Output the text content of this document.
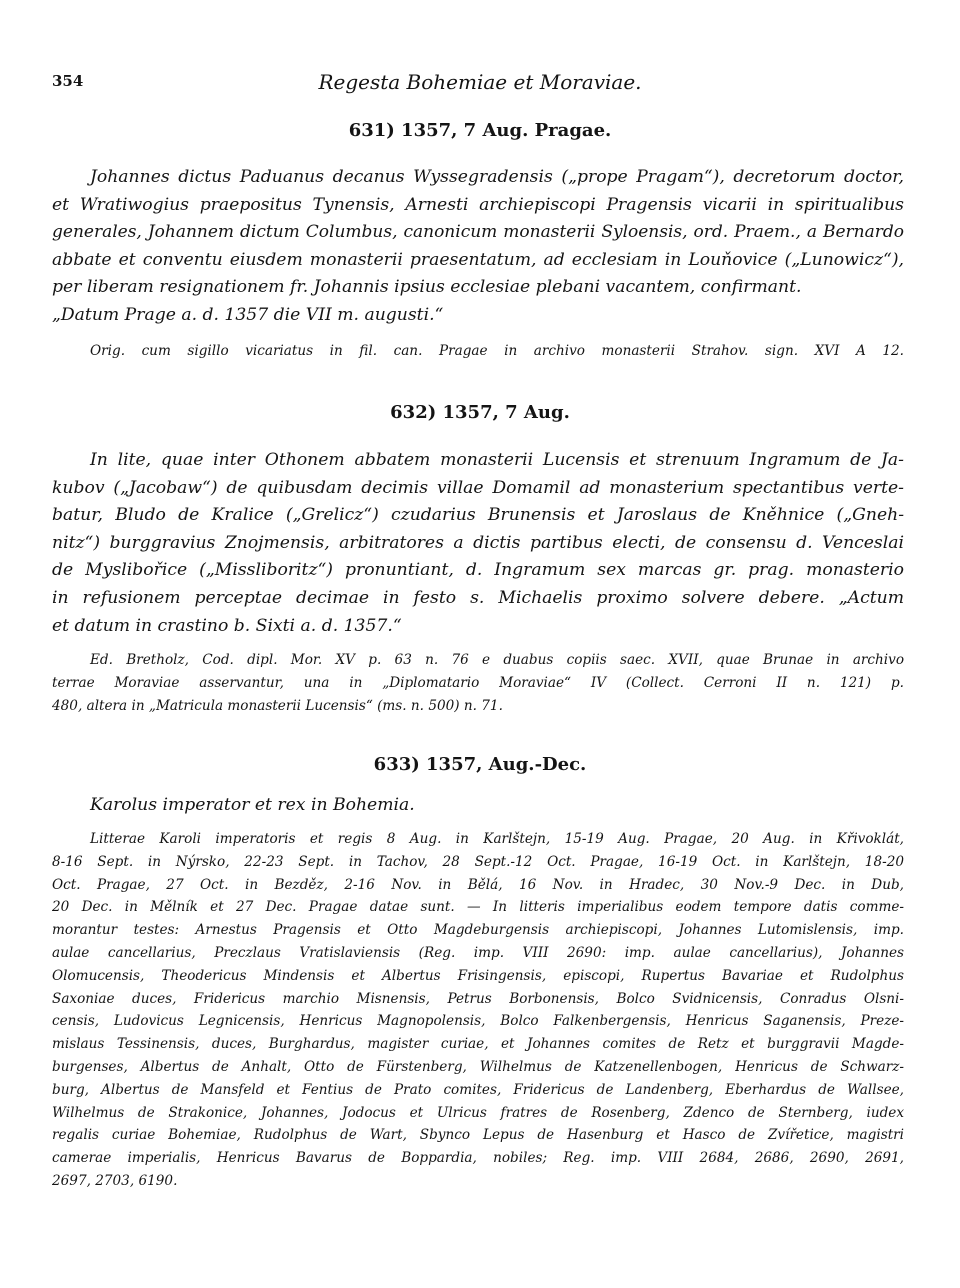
354	Regesta Bohemiae et Moraviae.
631) 1357, 7 Aug. Pragae.
Johannes dictus Paduanus decanus Wyssegradensis („prope Pragam“), decretorum doctor,
et Wratiwogius praepositus Tynensis, Arnesti archiepiscopi Pragensis vicarii in spiritualibus
generales, Johannem dictum Columbus, canonicum monasterii Syloensis, ord. Praem., a Bernardo
abbate et conventu eiusdem monasterii praesentatum, ad ecclesiam in Louňovice („Lunowicz“),
per liberam resignationem fr. Johannis ipsius ecclesiae plebani vacantem, confirmant.
„Datum Prage a. d. 1357 die VII m. augusti.“
Orig. cum sigillo vicariatus in fil. can. Pragae in archivo monasterii Strahov. sign. XVI A 12.
632) 1357, 7 Aug.
In lite, quae inter Othonem abbatem monasterii Lucensis et strenuum Ingramum de Ja-
kubov („Jacobaw“) de quibusdam decimis villae Domamil ad monasterium spectantibus verte-
batur, Bludo de Kralice („Grelicz“) czudarius Brunensis et Jaroslaus de Kněhnice („Gneh-
nitz“) burggravius Znojmensis, arbitratores a dictis partibus electi, de consensu d. Venceslai
de Myslibořice („Missliboritz“) pronuntiant, d. Ingramum sex marcas gr. prag. monasterio
in refusionem perceptae decimae in festo s. Michaelis proximo solvere debere. „Actum
et datum in crastino b. Sixti a. d. 1357.“
Ed. Bretholz, Cod. dipl. Mor. XV p. 63 n. 76 e duabus copiis saec. XVII, quae Brunae in archivo
terrae Moraviae asservantur, una in „Diplomatario Moraviae“ IV (Collect. Cerroni II n. 121) p.
480, altera in „Matricula monasterii Lucensis“ (ms. n. 500) n. 71.
633) 1357, Aug.-Dec.
Karolus imperator et rex in Bohemia.
Litterae Karoli imperatoris et regis 8 Aug. in Karlštejn, 15-19 Aug. Pragae, 20 Aug. in Křivoklát,
8-16 Sept. in Nýrsko, 22-23 Sept. in Tachov, 28 Sept.-12 Oct. Pragae, 16-19 Oct. in Karlštejn, 18-20
Oct. Pragae, 27 Oct. in Bezděz, 2-16 Nov. in Bělá, 16 Nov. in Hradec, 30 Nov.-9 Dec. in Dub,
20 Dec. in Mělník et 27 Dec. Pragae datae sunt. — In litteris imperialibus eodem tempore datis comme-
morantur testes: Arnestus Pragensis et Otto Magdeburgensis archiepiscopi, Johannes Lutomislensis, imp.
aulae cancellarius, Preczlaus Vratislaviensis (Reg. imp. VIII 2690: imp. aulae cancellarius), Johannes
Olomucensis, Theodericus Mindensis et Albertus Frisingensis, episcopi, Rupertus Bavariae et Rudolphus
Saxoniae duces, Fridericus marchio Misnensis, Petrus Borbonensis, Bolco Svidnicensis, Conradus Olsni-
censis, Ludovicus Legnicensis, Henricus Magnopolensis, Bolco Falkenbergensis, Henricus Saganensis, Preze-
mislaus Tessinensis, duces, Burghardus, magister curiae, et Johannes comites de Retz et burggravii Magde-
burgenses, Albertus de Anhalt, Otto de Fürstenberg, Wilhelmus de Katzenellenbogen, Henricus de Schwarz-
burg, Albertus de Mansfeld et Fentius de Prato comites, Fridericus de Landenberg, Eberhardus de Wallsee,
Wilhelmus de Strakonice, Johannes, Jodocus et Ulricus fratres de Rosenberg, Zdenco de Sternberg, iudex
regalis curiae Bohemiae, Rudolphus de Wart, Sbynco Lepus de Hasenburg et Hasco de Zvířetice, magistri
camerae imperialis, Henricus Bavarus de Boppardia, nobiles; Reg. imp. VIII 2684, 2686, 2690, 2691,
2697, 2703, 6190.
